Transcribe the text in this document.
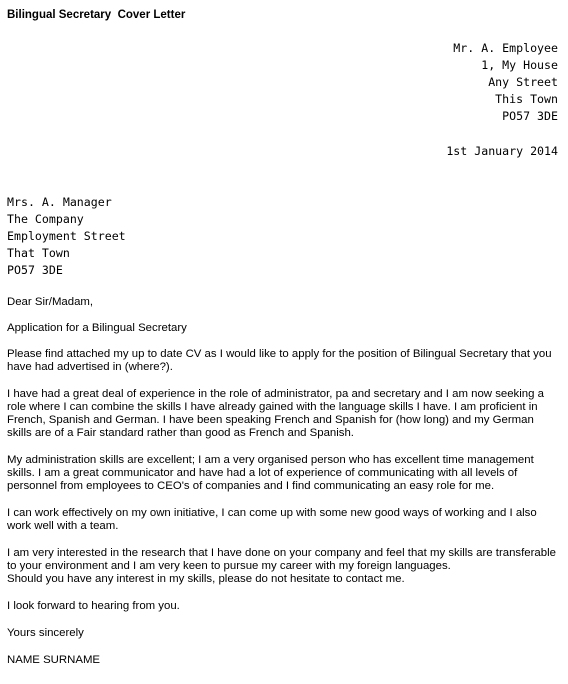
Bilingual Secretary  Cover Letter
Mr. A. Employee
1, My House
Any Street
This Town
PO57 3DE
1st January 2014
Mrs. A. Manager
The Company
Employment Street
That Town
PO57 3DE

Dear Sir/Madam,

Application for a Bilingual Secretary

Please find attached my up to date CV as I would like to apply for the position of Bilingual Secretary that you have had advertised in (where?).

I have had a great deal of experience in the role of administrator, pa and secretary and I am now seeking a role where I can combine the skills I have already gained with the language skills I have. I am proficient in French, Spanish and German. I have been speaking French and Spanish for (how long) and my German skills are of a Fair standard rather than good as French and Spanish.

My administration skills are excellent; I am a very organised person who has excellent time management skills. I am a great communicator and have had a lot of experience of communicating with all levels of personnel from employees to CEO's of companies and I find communicating an easy role for me.

I can work effectively on my own initiative, I can come up with some new good ways of working and I also work well with a team.

I am very interested in the research that I have done on your company and feel that my skills are transferable to your environment and I am very keen to pursue my career with my foreign languages.

Should you have any interest in my skills, please do not hesitate to contact me.

I look forward to hearing from you.

Yours sincerely

NAME SURNAME
